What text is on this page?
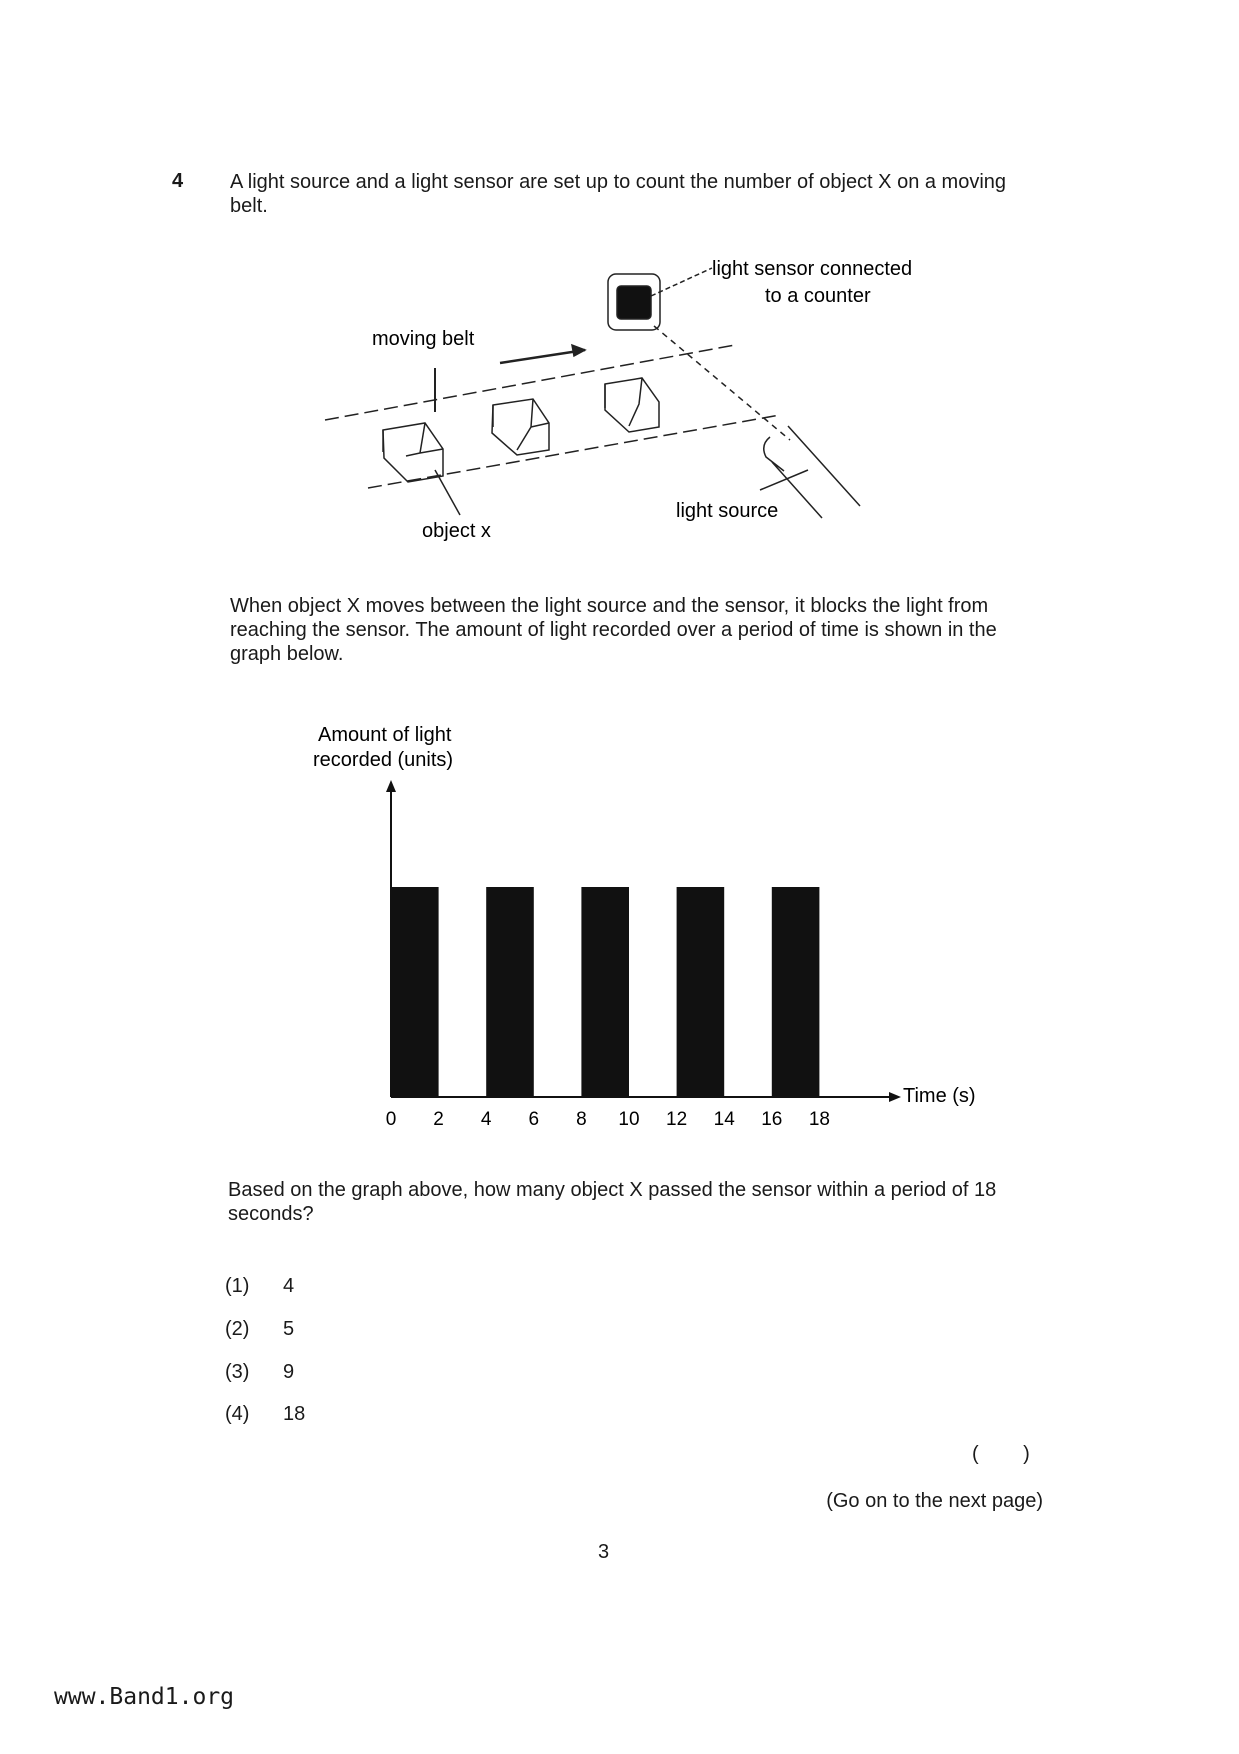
4 A light source and a light sensor are set up to count the number of object X on a moving belt.
light sensor connected
to a counter
moving belt
object x
light source
When object X moves between the light source and the sensor, it blocks the light from reaching the sensor. The amount of light recorded over a period of time is shown in the graph below.
Amount of light
recorded (units)
Time (s)
0 2 4 6 8 10 12 14 16 18
Based on the graph above, how many object X passed the sensor within a period of 18 seconds?
(1) 4
(2) 5
(3) 9
(4) 18
(        )
(Go on to the next page)
3
www.Band1.org
